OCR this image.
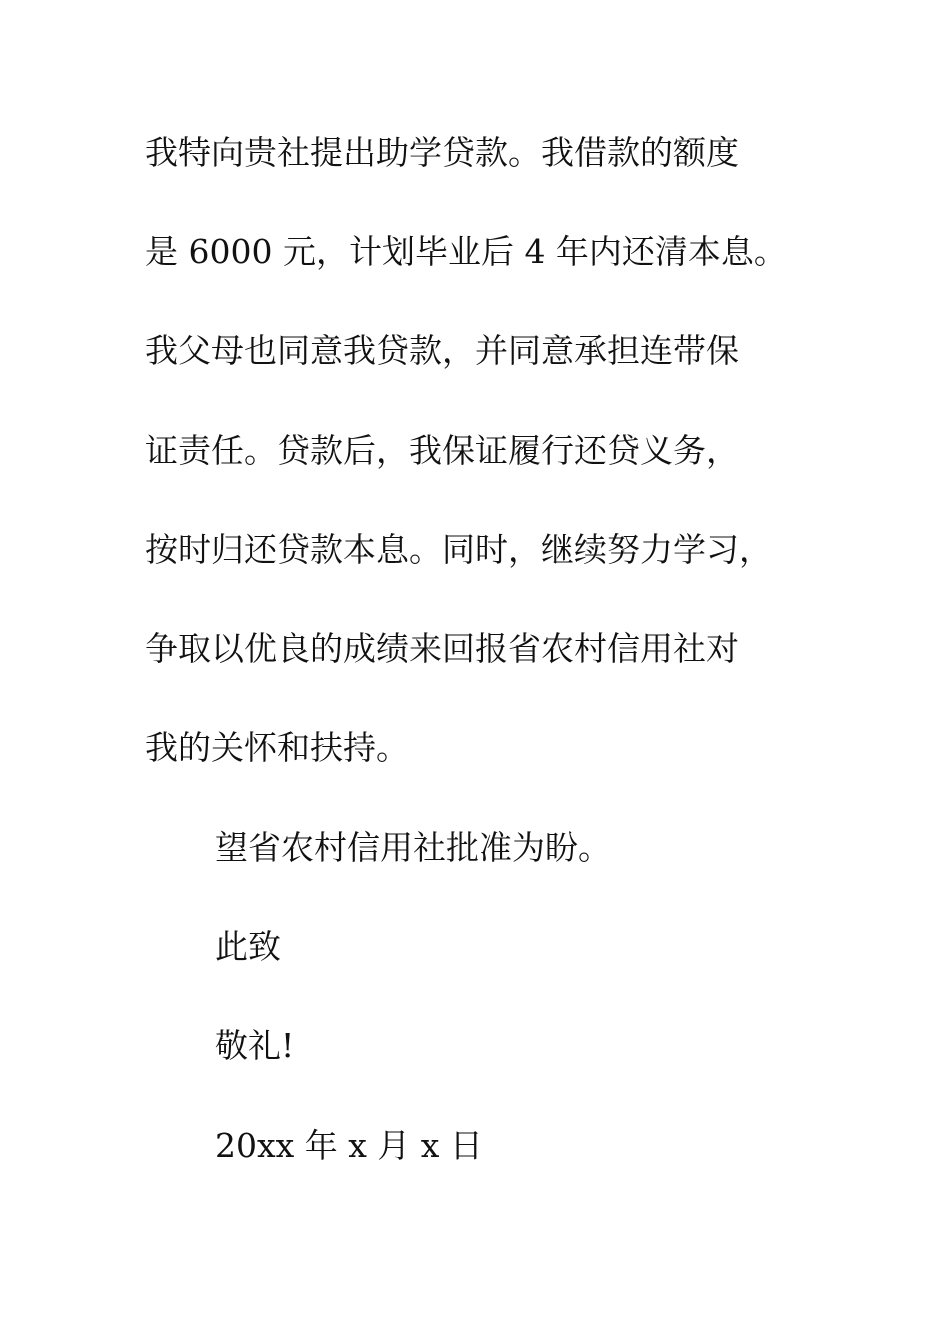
我特向贵社提出助学贷款。我借款的额度
是 6000 元，计划毕业后 4 年内还清本息。
我父母也同意我贷款，并同意承担连带保
证责任。贷款后，我保证履行还贷义务，
按时归还贷款本息。同时，继续努力学习，
争取以优良的成绩来回报省农村信用社对
我的关怀和扶持。
望省农村信用社批准为盼。
此致
敬礼!
20xx 年 x 月 x 日
